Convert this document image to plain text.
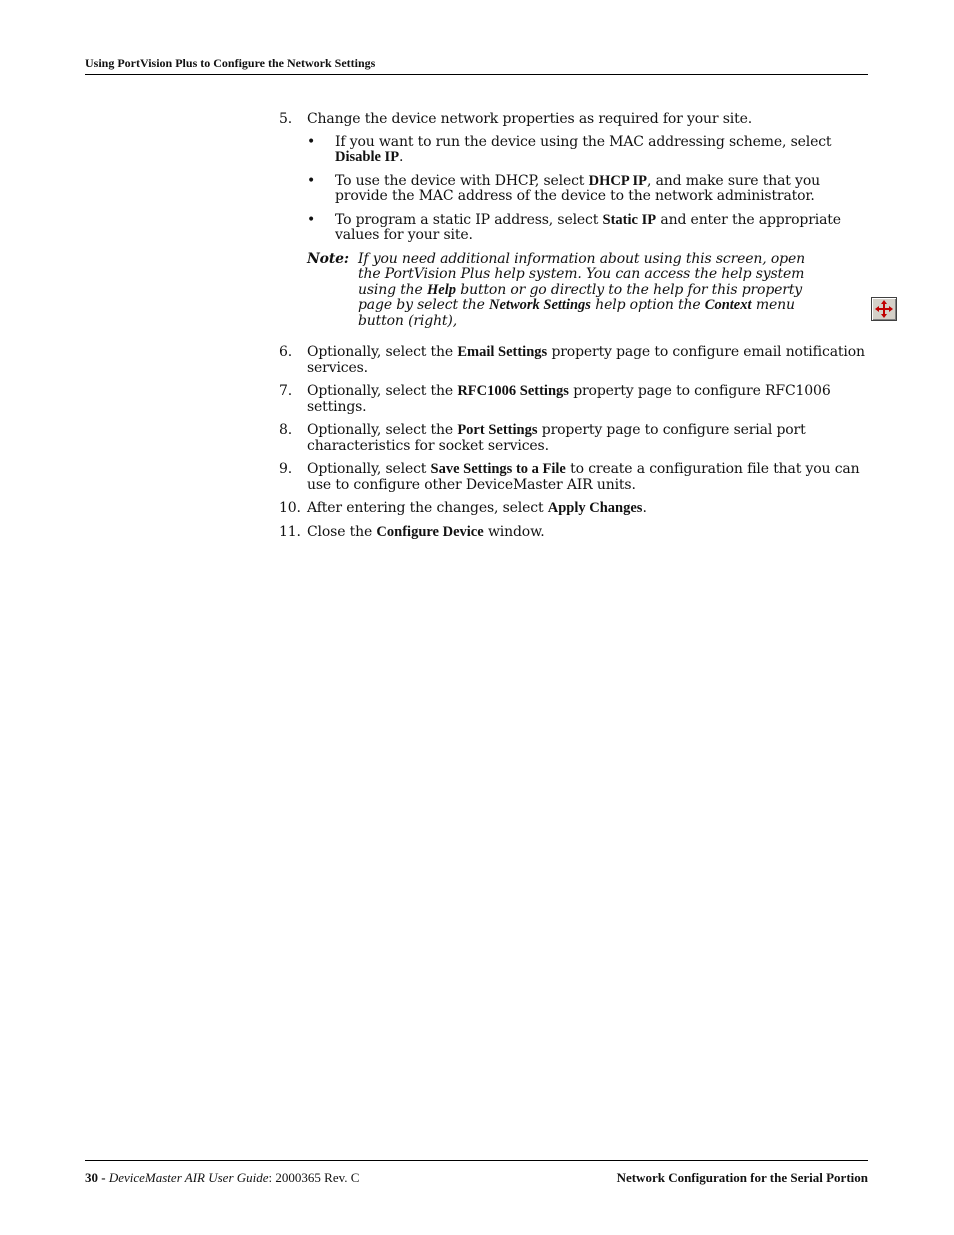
Using PortVision Plus to Configure the Network Settings
5.	Change the device network properties as required for your site.
•	If you want to run the device using the MAC addressing scheme, select Disable IP.
•	To use the device with DHCP, select DHCP IP, and make sure that you provide the MAC address of the device to the network administrator.
•	To program a static IP address, select Static IP and enter the appropriate values for your site.
Note: If you need additional information about using this screen, open the PortVision Plus help system. You can access the help system using the Help button or go directly to the help for this property page by select the Network Settings help option the Context menu button (right),
6.	Optionally, select the Email Settings property page to configure email notification services.
7.	Optionally, select the RFC1006 Settings property page to configure RFC1006 settings.
8.	Optionally, select the Port Settings property page to configure serial port characteristics for socket services.
9.	Optionally, select Save Settings to a File to create a configuration file that you can use to configure other DeviceMaster AIR units.
10. After entering the changes, select Apply Changes.
11. Close the Configure Device window.
30 - DeviceMaster AIR User Guide: 2000365 Rev. C	Network Configuration for the Serial Portion
